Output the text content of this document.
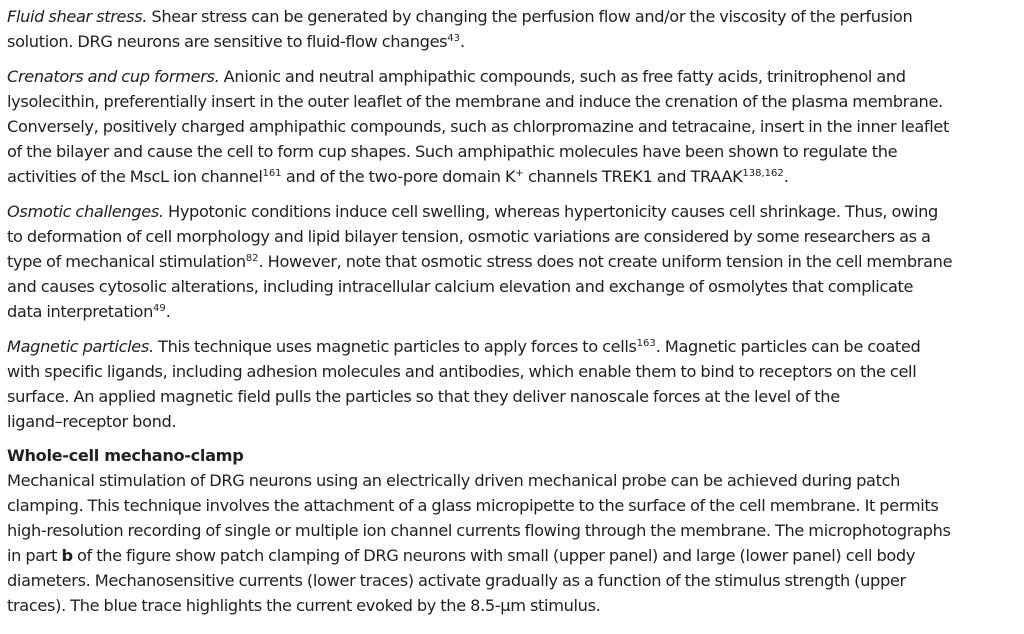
Fluid shear stress. Shear stress can be generated by changing the perfusion flow and/or the viscosity of the perfusion
solution. DRG neurons are sensitive to fluid-flow changes$^{43}$.

Crenators and cup formers. Anionic and neutral amphipathic compounds, such as free fatty acids, trinitrophenol and
lysolecithin, preferentially insert in the outer leaflet of the membrane and induce the crenation of the plasma membrane.
Conversely, positively charged amphipathic compounds, such as chlorpromazine and tetracaine, insert in the inner leaflet
of the bilayer and cause the cell to form cup shapes. Such amphipathic molecules have been shown to regulate the
activities of the MscL ion channel$^{161}$ and of the two-pore domain K+ channels TREK1 and TRAAK$^{138,162}$.

Osmotic challenges. Hypotonic conditions induce cell swelling, whereas hypertonicity causes cell shrinkage. Thus, owing
to deformation of cell morphology and lipid bilayer tension, osmotic variations are considered by some researchers as a
type of mechanical stimulation$^{82}$. However, note that osmotic stress does not create uniform tension in the cell membrane
and causes cytosolic alterations, including intracellular calcium elevation and exchange of osmolytes that complicate
data interpretation$^{49}$.

Magnetic particles. This technique uses magnetic particles to apply forces to cells$^{163}$. Magnetic particles can be coated
with specific ligands, including adhesion molecules and antibodies, which enable them to bind to receptors on the cell
surface. An applied magnetic field pulls the particles so that they deliver nanoscale forces at the level of the
ligand–receptor bond.

Whole-cell mechano-clamp

Mechanical stimulation of DRG neurons using an electrically driven mechanical probe can be achieved during patch
clamping. This technique involves the attachment of a glass micropipette to the surface of the cell membrane. It permits
high-resolution recording of single or multiple ion channel currents flowing through the membrane. The microphotographs
in part b of the figure show patch clamping of DRG neurons with small (upper panel) and large (lower panel) cell body
diameters. Mechanosensitive currents (lower traces) activate gradually as a function of the stimulus strength (upper
traces). The blue trace highlights the current evoked by the 8.5-μm stimulus.
